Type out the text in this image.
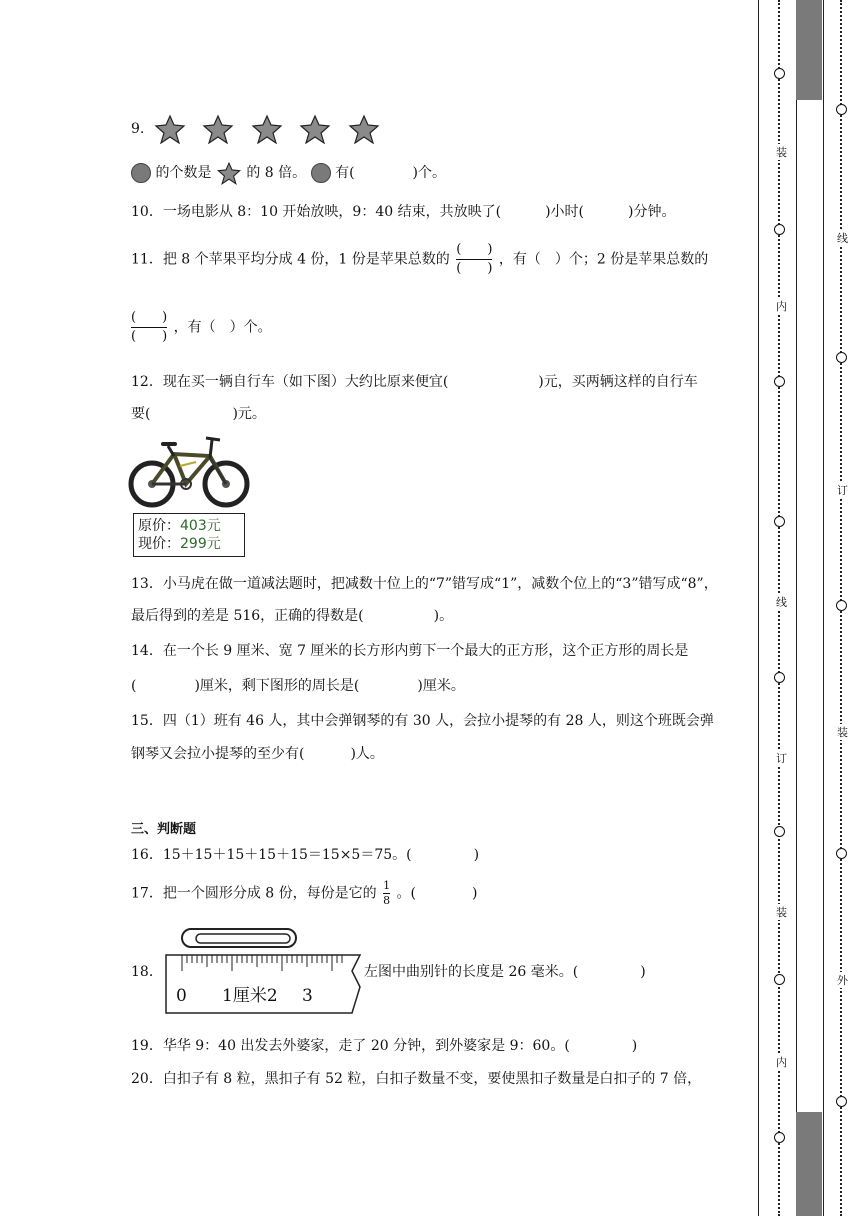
9.
的个数是 的 8 倍。 有(	)个。
10．一场电影从 8：10 开始放映，9：40 结束，共放映了(	)小时(	)分钟。
11．把 8 个苹果平均分成 4 份，1 份是苹果总数的 $\frac{( )}{( )}$ ，有（　）个；2 份是苹果总数的
$\frac{( )}{( )}$ ，有（　）个。
12．现在买一辆自行车（如下图）大约比原来便宜(	)元，买两辆这样的自行车
要(	)元。
原价：403元
现价：299元
13．小马虎在做一道减法题时，把减数十位上的“7”错写成“1”，减数个位上的“3”错写成“8”，
最后得到的差是 516，正确的得数是(	)。
14．在一个长 9 厘米、宽 7 厘米的长方形内剪下一个最大的正方形，这个正方形的周长是
(	)厘米，剩下图形的周长是(	)厘米。
15．四（1）班有 46 人，其中会弹钢琴的有 30 人，会拉小提琴的有 28 人，则这个班既会弹
钢琴又会拉小提琴的至少有(	)人。
三、判断题
16．15＋15＋15＋15＋15＝15×5＝75。(	)
17．把一个圆形分成 8 份，每份是它的 $\frac{1}{8}$ 。(　　　　)
18．
0 1厘米2 3
左图中曲别针的长度是 26 毫米。(	)
19．华华 9：40 出发去外婆家，走了 20 分钟，到外婆家是 9：60。(	)
20．白扣子有 8 粒，黑扣子有 52 粒，白扣子数量不变，要使黑扣子数量是白扣子的 7 倍，
装
内
线
订
装
内
线
订
装
外
